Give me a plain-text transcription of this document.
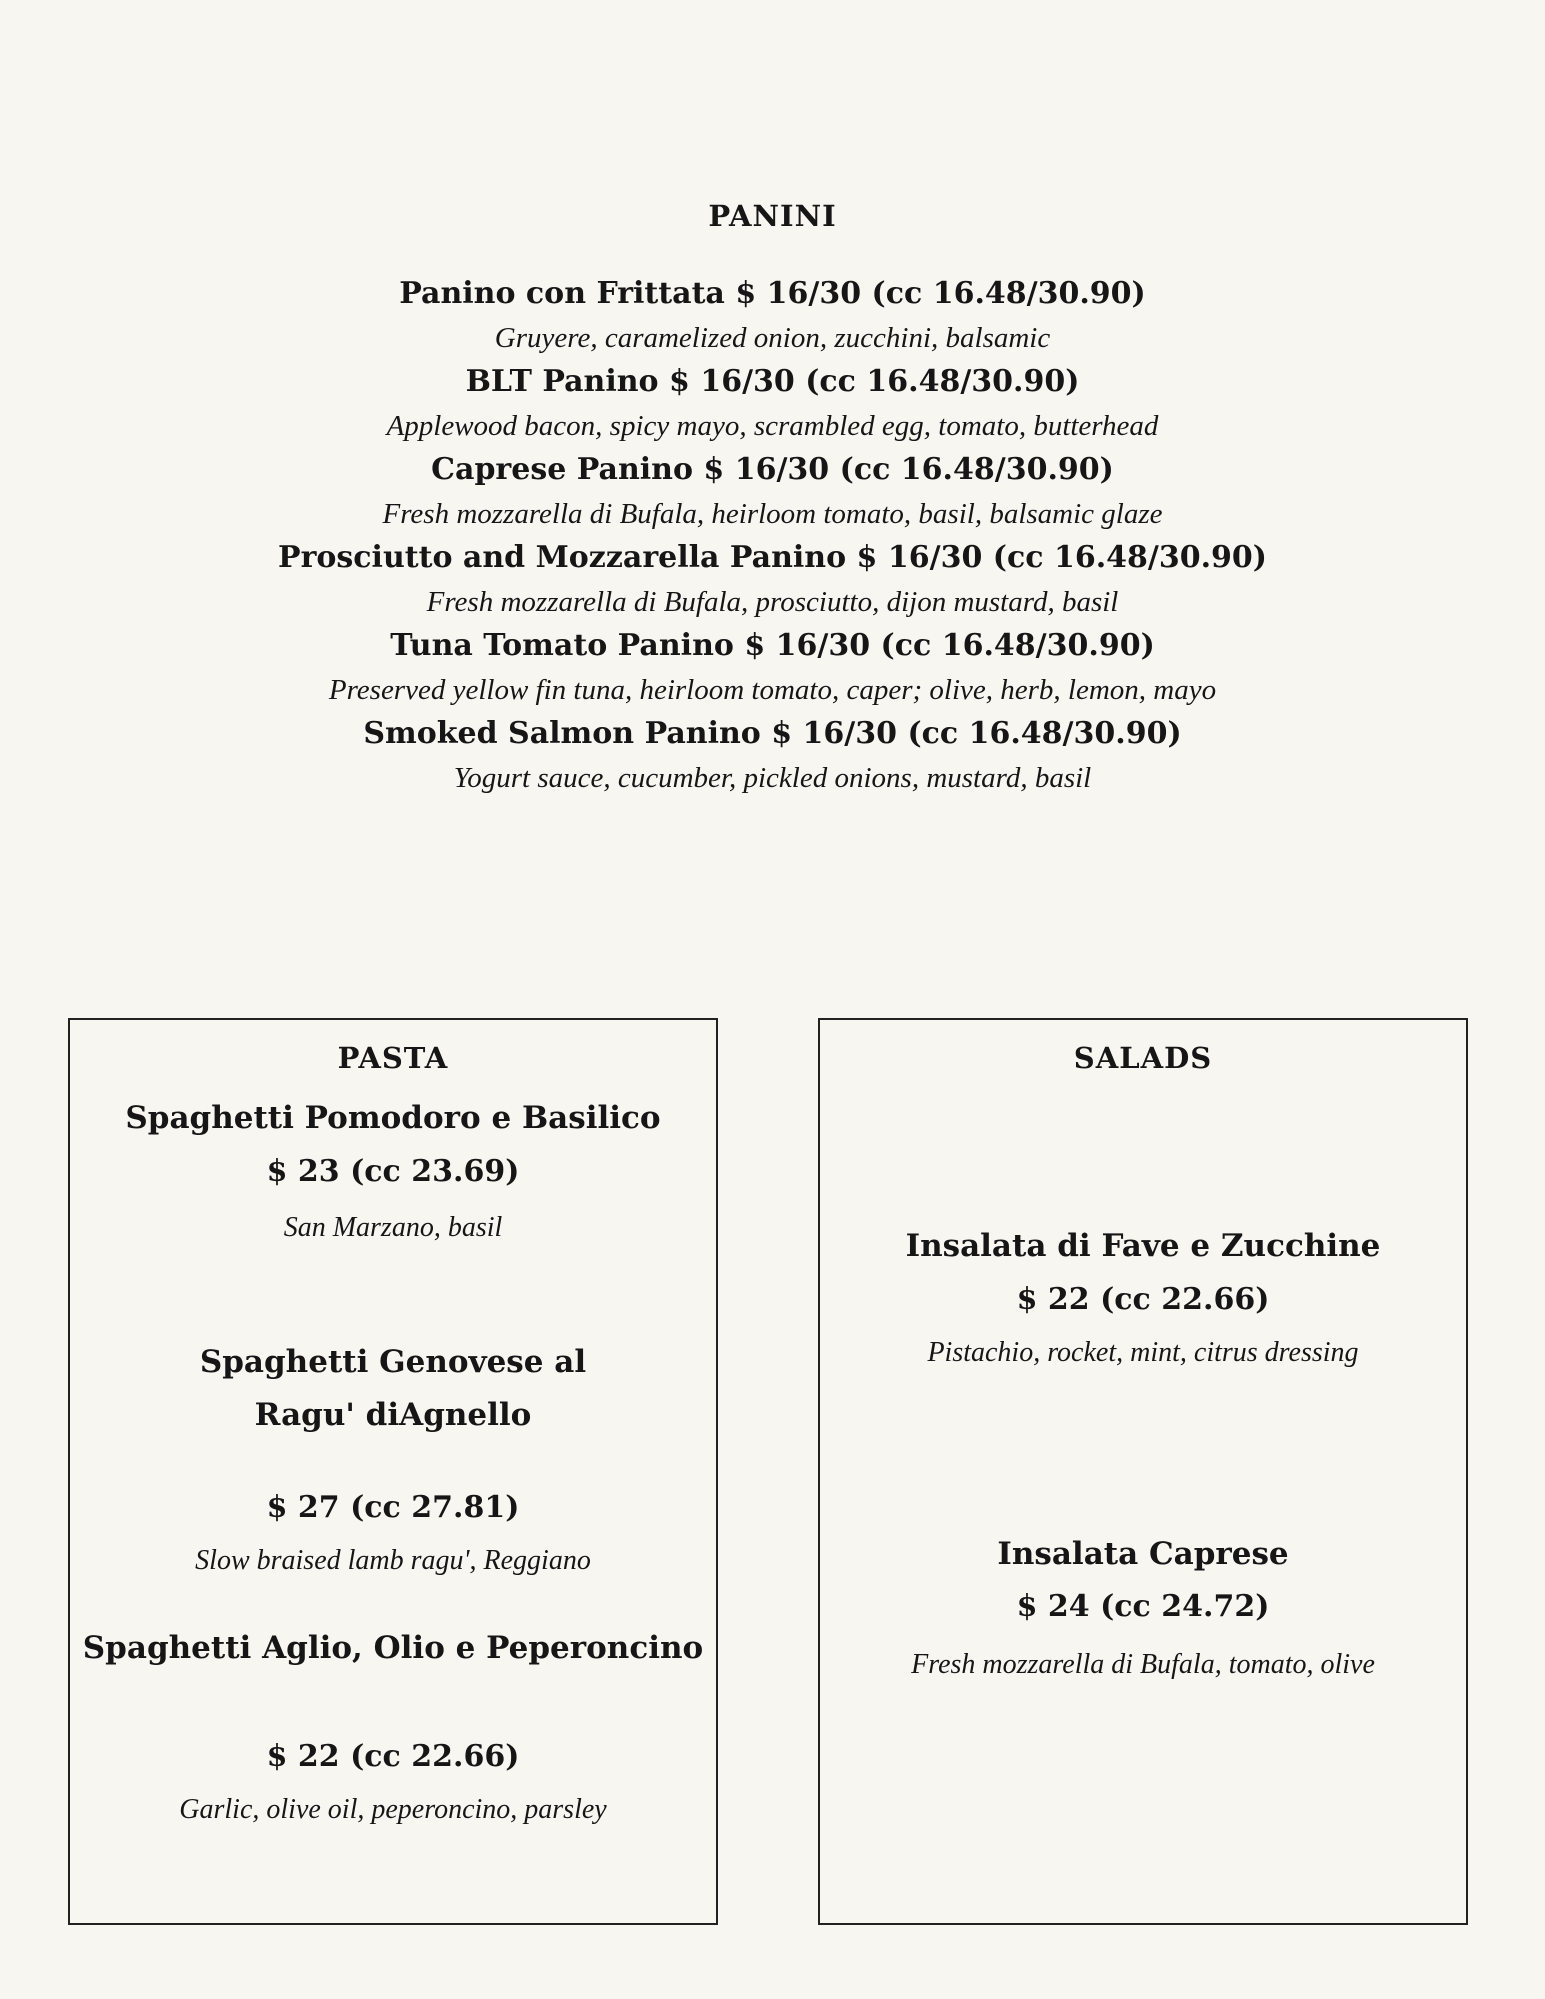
PANINI

Panino con Frittata $ 16/30 (cc 16.48/30.90)

Gruyere, caramelized onion, zucchini, balsamic

BLT Panino $ 16/30 (cc 16.48/30.90)

Applewood bacon, spicy mayo, scrambled egg, tomato, butterhead

Caprese Panino $ 16/30 (cc 16.48/30.90)

Fresh mozzarella di Bufala, heirloom tomato, basil, balsamic glaze

Prosciutto and Mozzarella Panino $ 16/30 (cc 16.48/30.90)

Fresh mozzarella di Bufala, prosciutto, dijon mustard, basil

Tuna Tomato Panino $ 16/30 (cc 16.48/30.90)

Preserved yellow fin tuna, heirloom tomato, caper; olive, herb, lemon, mayo

Smoked Salmon Panino $ 16/30 (cc 16.48/30.90)

Yogurt sauce, cucumber, pickled onions, mustard, basil

PASTA

Spaghetti Pomodoro e Basilico

$ 23 (cc 23.69)

San Marzano, basil

Spaghetti Genovese al

Ragu' diAgnello

$ 27 (cc 27.81)

Slow braised lamb ragu', Reggiano

Spaghetti Aglio, Olio e Peperoncino

$ 22 (cc 22.66)

Garlic, olive oil, peperoncino, parsley

SALADS

Insalata di Fave e Zucchine

$ 22 (cc 22.66)

Pistachio, rocket, mint, citrus dressing

Insalata Caprese

$ 24 (cc 24.72)

Fresh mozzarella di Bufala, tomato, olive
